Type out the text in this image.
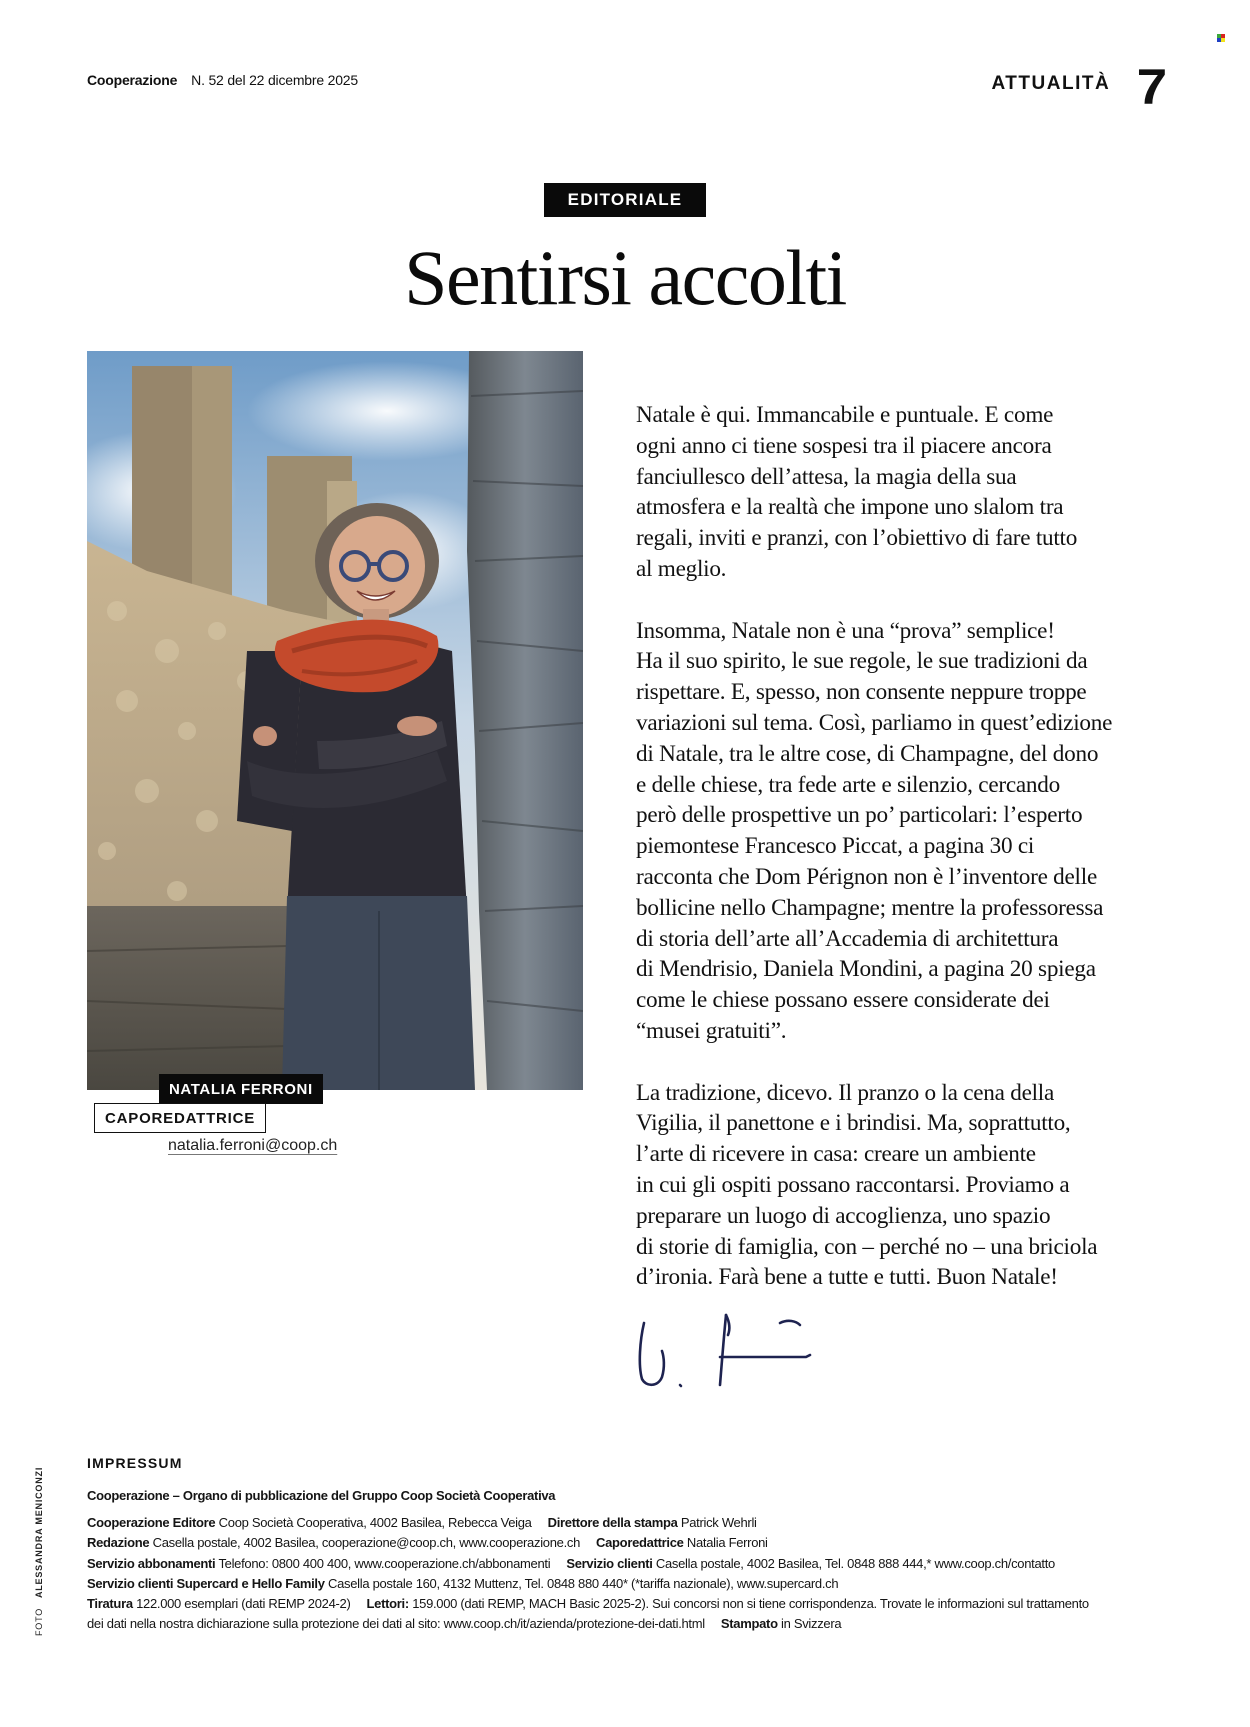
Cooperazione N. 52 del 22 dicembre 2025	ATTUALITÀ 7
EDITORIALE
Sentirsi accolti
NATALIA FERRONI
CAPOREDATTRICE
natalia.ferroni@coop.ch

Natale è qui. Immancabile e puntuale. E come
ogni anno ci tiene sospesi tra il piacere ancora
fanciullesco dell’attesa, la magia della sua
atmosfera e la realtà che impone uno slalom tra
regali, inviti e pranzi, con l’obiettivo di fare tutto
al meglio.

Insomma, Natale non è una “prova” semplice!
Ha il suo spirito, le sue regole, le sue tradizioni da
rispettare. E, spesso, non consente neppure troppe
variazioni sul tema. Così, parliamo in quest’edizione
di Natale, tra le altre cose, di Champagne, del dono
e delle chiese, tra fede arte e silenzio, cercando
però delle prospettive un po’ particolari: l’esperto
piemontese Francesco Piccat, a pagina 30 ci
racconta che Dom Pérignon non è l’inventore delle
bollicine nello Champagne; mentre la professoressa
di storia dell’arte all’Accademia di architettura
di Mendrisio, Daniela Mondini, a pagina 20 spiega
come le chiese possano essere considerate dei
“musei gratuiti”.

La tradizione, dicevo. Il pranzo o la cena della
Vigilia, il panettone e i brindisi. Ma, soprattutto,
l’arte di ricevere in casa: creare un ambiente
in cui gli ospiti possano raccontarsi. Proviamo a
preparare un luogo di accoglienza, uno spazio
di storie di famiglia, con – perché no – una briciola
d’ironia. Farà bene a tutte e tutti. Buon Natale!

FOTO   ALESSANDRA MENICONZI
IMPRESSUM
Cooperazione – Organo di pubblicazione del Gruppo Coop Società Cooperativa
Cooperazione Editore Coop Società Cooperativa, 4002 Basilea, Rebecca Veiga Direttore della stampa Patrick Wehrli
Redazione Casella postale, 4002 Basilea, cooperazione@coop.ch, www.cooperazione.ch Caporedattrice Natalia Ferroni
Servizio abbonamenti Telefono: 0800 400 400, www.cooperazione.ch/abbonamenti Servizio clienti Casella postale, 4002 Basilea, Tel. 0848 888 444,* www.coop.ch/contatto
Servizio clienti Supercard e Hello Family Casella postale 160, 4132 Muttenz, Tel. 0848 880 440* (*tariffa nazionale), www.supercard.ch
Tiratura 122.000 esemplari (dati REMP 2024-2) Lettori: 159.000 (dati REMP, MACH Basic 2025-2). Sui concorsi non si tiene corrispondenza. Trovate le informazioni sul trattamento
dei dati nella nostra dichiarazione sulla protezione dei dati al sito: www.coop.ch/it/azienda/protezione-dei-dati.html Stampato in Svizzera
